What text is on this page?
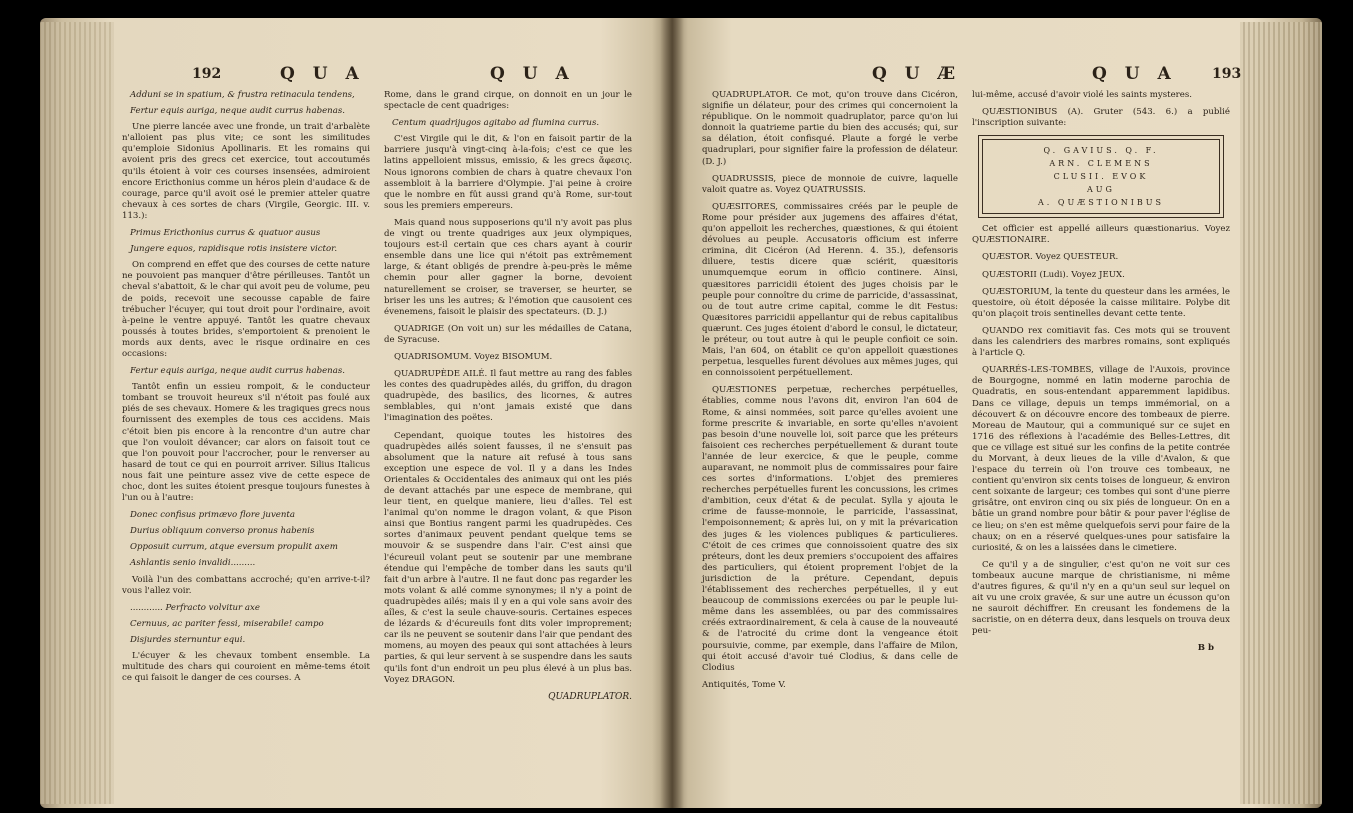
192	Q U A	Q U A

Adduni se in spatium, & frustra retinacula tendens,

Fertur equis auriga, neque audit currus habenas.

Une pierre lancée avec une fronde, un trait d'arbalète n'alloient pas plus vite; ce sont les similitudes qu'emploie Sidonius Apollinaris. Et les romains qui avoient pris des grecs cet exercice, tout accoutumés qu'ils étoient à voir ces courses insensées, admiroient encore Ericthonius comme un héros plein d'audace & de courage, parce qu'il avoit osé le premier atteler quatre chevaux à ces sortes de chars (Virgile, Georgic. III. v. 113.):

Primus Ericthonius currus & quatuor ausus

Jungere equos, rapidisque rotis insistere victor.

On comprend en effet que des courses de cette nature ne pouvoient pas manquer d'être périlleuses. Tantôt un cheval s'abattoit, & le char qui avoit peu de volume, peu de poids, recevoit une secousse capable de faire trébucher l'écuyer, qui tout droit pour l'ordinaire, avoit à-peine le ventre appuyé. Tantôt les quatre chevaux poussés à toutes brides, s'emportoient & prenoient le mords aux dents, avec le risque ordinaire en ces occasions:

Fertur equis auriga, neque audit currus habenas.

Tantôt enfin un essieu rompoit, & le conducteur tombant se trouvoit heureux s'il n'étoit pas foulé aux piés de ses chevaux. Homere & les tragiques grecs nous fournissent des exemples de tous ces accidens. Mais c'étoit bien pis encore à la rencontre d'un autre char que l'on vouloit dévancer; car alors on faisoit tout ce que l'on pouvoit pour l'accrocher, pour le renverser au hasard de tout ce qui en pourroit arriver. Silius Italicus nous fait une peinture assez vive de cette espece de choc, dont les suites étoient presque toujours funestes à l'un ou à l'autre:

Donec confisus primævo flore juventa

Durius obliquum converso pronus habenis

Opposuit currum, atque eversum propulit axem

Ashlantis senio invalidi.........

Voilà l'un des combattans accroché; qu'en arrive-t-il? vous l'allez voir.

............ Perfracto volvitur axe

Cernuus, ac pariter fessi, miserabile! campo

Disjurdes sternuntur equi.

L'écuyer & les chevaux tombent ensemble. La multitude des chars qui couroient en même-tems étoit ce qui faisoit le danger de ces courses. A

Rome, dans le grand cirque, on donnoit en un jour le spectacle de cent quadriges:

Centum quadrijugos agitabo ad flumina currus.

C'est Virgile qui le dit, & l'on en faisoit partir de la barriere jusqu'à vingt-cinq à-la-fois; c'est ce que les latins appelloient missus, emissio, & les grecs ἄφεσις. Nous ignorons combien de chars à quatre chevaux l'on assembloit à la barriere d'Olympie. J'ai peine à croire que le nombre en fût aussi grand qu'à Rome, sur-tout sous les premiers empereurs.

Mais quand nous supposerions qu'il n'y avoit pas plus de vingt ou trente quadriges aux jeux olympiques, toujours est-il certain que ces chars ayant à courir ensemble dans une lice qui n'étoit pas extrêmement large, & étant obligés de prendre à-peu-près le même chemin pour aller gagner la borne, devoient naturellement se croiser, se traverser, se heurter, se briser les uns les autres; & l'émotion que causoient ces évenemens, faisoit le plaisir des spectateurs. (D. J.)

QUADRIGE (On voit un) sur les médailles de Catana, de Syracuse.

QUADRISOMUM. Voyez BISOMUM.

QUADRUPÈDE AILÉ. Il faut mettre au rang des fables les contes des quadrupèdes ailés, du griffon, du dragon quadrupède, des basilics, des licornes, & autres semblables, qui n'ont jamais existé que dans l'imagination des poëtes.

Cependant, quoique toutes les histoires des quadrupèdes ailés soient fausses, il ne s'ensuit pas absolument que la nature ait refusé à tous sans exception une espece de vol. Il y a dans les Indes Orientales & Occidentales des animaux qui ont les piés de devant attachés par une espece de membrane, qui leur tient, en quelque maniere, lieu d'aîles. Tel est l'animal qu'on nomme le dragon volant, & que Pison ainsi que Bontius rangent parmi les quadrupèdes. Ces sortes d'animaux peuvent pendant quelque tems se mouvoir & se suspendre dans l'air. C'est ainsi que l'écureuil volant peut se soutenir par une membrane étendue qui l'empêche de tomber dans les sauts qu'il fait d'un arbre à l'autre. Il ne faut donc pas regarder les mots volant & ailé comme synonymes; il n'y a point de quadrupèdes ailés; mais il y en a qui vole sans avoir des aîles, & c'est la seule chauve-souris. Certaines especes de lézards & d'écureuils font dits voler improprement; car ils ne peuvent se soutenir dans l'air que pendant des momens, au moyen des peaux qui sont attachées à leurs parties, & qui leur servent à se suspendre dans les sauts qu'ils font d'un endroit un peu plus élevé à un plus bas. Voyez DRAGON.

QUADRUPLATOR.
Q U Æ	Q U A	193

QUADRUPLATOR. Ce mot, qu'on trouve dans Cicéron, signifie un délateur, pour des crimes qui concernoient la république. On le nommoit quadruplator, parce qu'on lui donnoit la quatrieme partie du bien des accusés; qui, sur sa délation, étoit confisqué. Plaute a forgé le verbe quadruplari, pour signifier faire la profession de délateur. (D. J.)

QUADRUSSIS, piece de monnoie de cuivre, laquelle valoit quatre as. Voyez QUATRUSSIS.

QUÆSITORES, commissaires créés par le peuple de Rome pour présider aux jugemens des affaires d'état, qu'on appelloit les recherches, quæstiones, & qui étoient dévolues au peuple. Accusatoris officium est inferre crimina, dit Cicéron (Ad Herenn. 4. 35.), defensoris diluere, testis dicere quæ sciérit, quæsitoris unumquemque eorum in officio continere. Ainsi, quæsitores parricidii étoient des juges choisis par le peuple pour connoître du crime de parricide, d'assassinat, ou de tout autre crime capital, comme le dit Festus: Quæsitores parricidii appellantur qui de rebus capitalibus quærunt. Ces juges étoient d'abord le consul, le dictateur, le préteur, ou tout autre à qui le peuple confioit ce soin. Mais, l'an 604, on établit ce qu'on appelloit quæstiones perpetua, lesquelles furent dévolues aux mêmes juges, qui en connoissoient perpétuellement.

QUÆSTIONES perpetuæ, recherches perpétuelles, établies, comme nous l'avons dit, environ l'an 604 de Rome, & ainsi nommées, soit parce qu'elles avoient une forme prescrite & invariable, en sorte qu'elles n'avoient pas besoin d'une nouvelle loi, soit parce que les préteurs faisoient ces recherches perpétuellement & durant toute l'année de leur exercice, & que le peuple, comme auparavant, ne nommoit plus de commissaires pour faire ces sortes d'informations. L'objet des premieres recherches perpétuelles furent les concussions, les crimes d'ambition, ceux d'état & de peculat. Sylla y ajouta le crime de fausse-monnoie, le parricide, l'assassinat, l'empoisonnement; & après lui, on y mit la prévarication des juges & les violences publiques & particulieres. C'étoit de ces crimes que connoissoient quatre des six préteurs, dont les deux premiers s'occupoient des affaires des particuliers, qui étoient proprement l'objet de la jurisdiction de la préture. Cependant, depuis l'établissement des recherches perpétuelles, il y eut beaucoup de commissions exercées ou par le peuple lui-même dans les assemblées, ou par des commissaires créés extraordinairement, & cela à cause de la nouveauté & de l'atrocité du crime dont la vengeance étoit poursuivie, comme, par exemple, dans l'affaire de Milon, qui étoit accusé d'avoir tué Clodius, & dans celle de Clodius

Antiquités, Tome V.

lui-même, accusé d'avoir violé les saints mysteres.

QUÆSTIONIBUS (A). Gruter (543. 6.) a publié l'inscription suivante:

Q. GAVIUS. Q. F.
ARN. CLEMENS
CLUSII. EVOK
AUG
A. QUÆSTIONIBUS

Cet officier est appellé ailleurs quæstionarius. Voyez QUÆSTIONAIRE.

QUÆSTOR. Voyez QUESTEUR.

QUÆSTORII (Ludi). Voyez JEUX.

QUÆSTORIUM, la tente du questeur dans les armées, le questoire, où étoit déposée la caisse militaire. Polybe dit qu'on plaçoit trois sentinelles devant cette tente.

QUANDO rex comitiavit fas. Ces mots qui se trouvent dans les calendriers des marbres romains, sont expliqués à l'article Q.

QUARRÉS-LES-TOMBES, village de l'Auxois, province de Bourgogne, nommé en latin moderne parochia de Quadratis, en sous-entendant apparemment lapidibus. Dans ce village, depuis un temps immémorial, on a découvert & on découvre encore des tombeaux de pierre. Moreau de Mautour, qui a communiqué sur ce sujet en 1716 des réflexions à l'académie des Belles-Lettres, dit que ce village est situé sur les confins de la petite contrée du Morvant, à deux lieues de la ville d'Avalon, & que l'espace du terrein où l'on trouve ces tombeaux, ne contient qu'environ six cents toises de longueur, & environ cent soixante de largeur; ces tombes qui sont d'une pierre grisâtre, ont environ cinq ou six piés de longueur. On en a bâtie un grand nombre pour bâtir & pour paver l'église de ce lieu; on s'en est même quelquefois servi pour faire de la chaux; on en a réservé quelques-unes pour satisfaire la curiosité, & on les a laissées dans le cimetiere.

Ce qu'il y a de singulier, c'est qu'on ne voit sur ces tombeaux aucune marque de christianisme, ni même d'autres figures, & qu'il n'y en a qu'un seul sur lequel on ait vu une croix gravée, & sur une autre un écusson qu'on ne sauroit déchiffrer. En creusant les fondemens de la sacristie, on en déterra deux, dans lesquels on trouva deux peu-

B b
